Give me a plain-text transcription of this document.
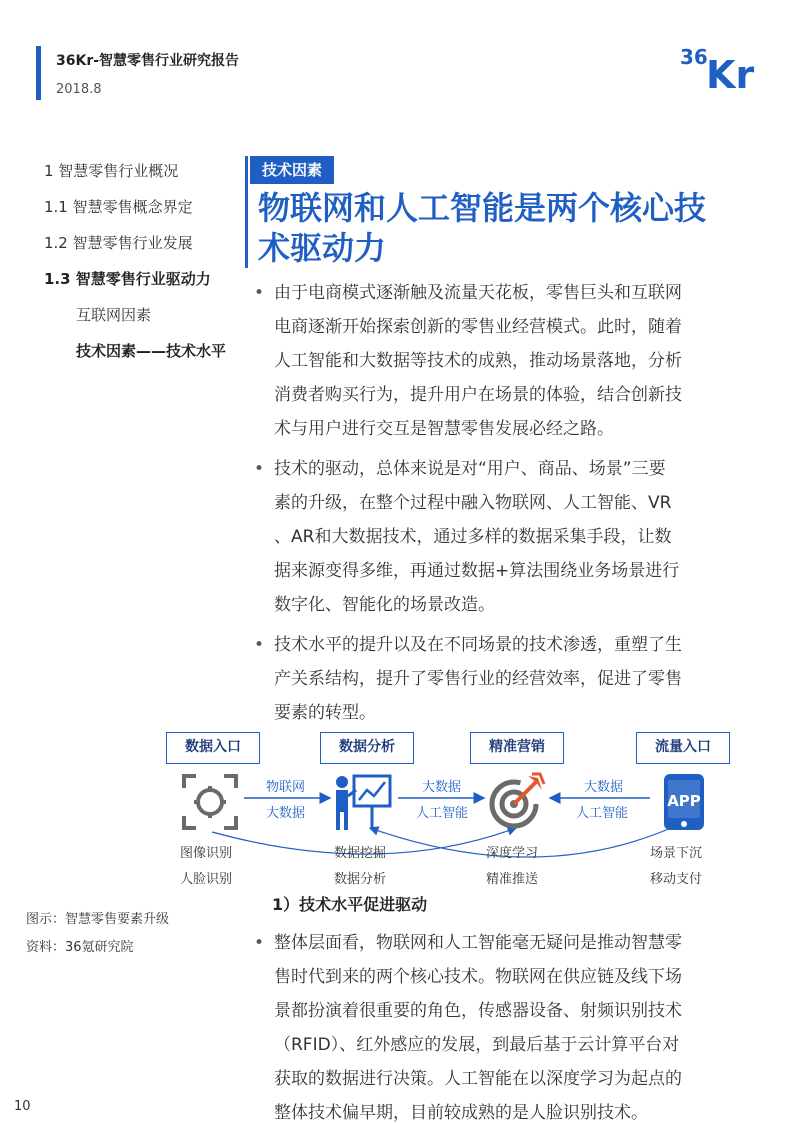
36Kr-智慧零售行业研究报告
2018.8
36
Kr
1 智慧零售行业概况
1.1 智慧零售概念界定
1.2 智慧零售行业发展
1.3 智慧零售行业驱动力
互联网因素
技术因素——技术水平
技术因素
物联网和人工智能是两个核心技
术驱动力
• 由于电商模式逐渐触及流量天花板，零售巨头和互联网
电商逐渐开始探索创新的零售业经营模式。此时，随着
人工智能和大数据等技术的成熟，推动场景落地，分析
消费者购买行为，提升用户在场景的体验，结合创新技
术与用户进行交互是智慧零售发展必经之路。
• 技术的驱动，总体来说是对“用户、商品、场景”三要
素的升级，在整个过程中融入物联网、人工智能、VR
、AR和大数据技术，通过多样的数据采集手段，让数
据来源变得多维，再通过数据+算法围绕业务场景进行
数字化、智能化的场景改造。
• 技术水平的提升以及在不同场景的技术渗透，重塑了生
产关系结构，提升了零售行业的经营效率，促进了零售
要素的转型。
数据入口	数据分析	精准营销	流量入口
APP
物联网
大数据
大数据
人工智能
大数据
人工智能
图像识别
人脸识别
数据挖掘
数据分析
深度学习
精准推送
场景下沉
移动支付
图示：智慧零售要素升级
资料：36氪研究院
1）技术水平促进驱动
• 整体层面看，物联网和人工智能毫无疑问是推动智慧零
售时代到来的两个核心技术。物联网在供应链及线下场
景都扮演着很重要的角色，传感器设备、射频识别技术
（RFID）、红外感应的发展，到最后基于云计算平台对
获取的数据进行决策。人工智能在以深度学习为起点的
整体技术偏早期，目前较成熟的是人脸识别技术。
10
